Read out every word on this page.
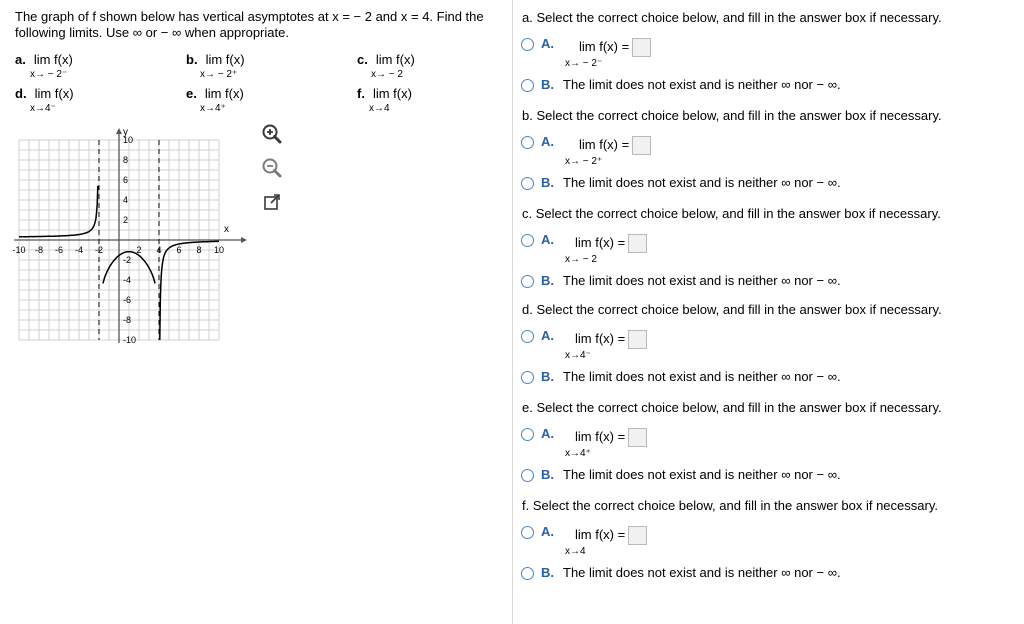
The graph of f shown below has vertical asymptotes at x = − 2 and x = 4. Find the
following limits. Use ∞ or − ∞ when appropriate.
a. lim f(x)
x→ − 2⁻
b. lim f(x)
x→ − 2⁺
c. lim f(x)
x→ − 2
d. lim f(x)
x→4⁻
e. lim f(x)
x→4⁺
f. lim f(x)
x→4
-10 -8 -6 -4 -2	2 4 6 8 10
10
8
6
4
2
-2
-4
-6
-8
-10
x
y
a. Select the correct choice below, and fill in the answer box if necessary.
A. lim f(x) =
x→ − 2⁻
B. The limit does not exist and is neither ∞ nor − ∞.
b. Select the correct choice below, and fill in the answer box if necessary.
A. lim f(x) =
x→ − 2⁺
B. The limit does not exist and is neither ∞ nor − ∞.
c. Select the correct choice below, and fill in the answer box if necessary.
A. lim f(x) =
x→ − 2
B. The limit does not exist and is neither ∞ nor − ∞.
d. Select the correct choice below, and fill in the answer box if necessary.
A. lim f(x) =
x→4⁻
B. The limit does not exist and is neither ∞ nor − ∞.
e. Select the correct choice below, and fill in the answer box if necessary.
A. lim f(x) =
x→4⁺
B. The limit does not exist and is neither ∞ nor − ∞.
f. Select the correct choice below, and fill in the answer box if necessary.
A. lim f(x) =
x→4
B. The limit does not exist and is neither ∞ nor − ∞.
